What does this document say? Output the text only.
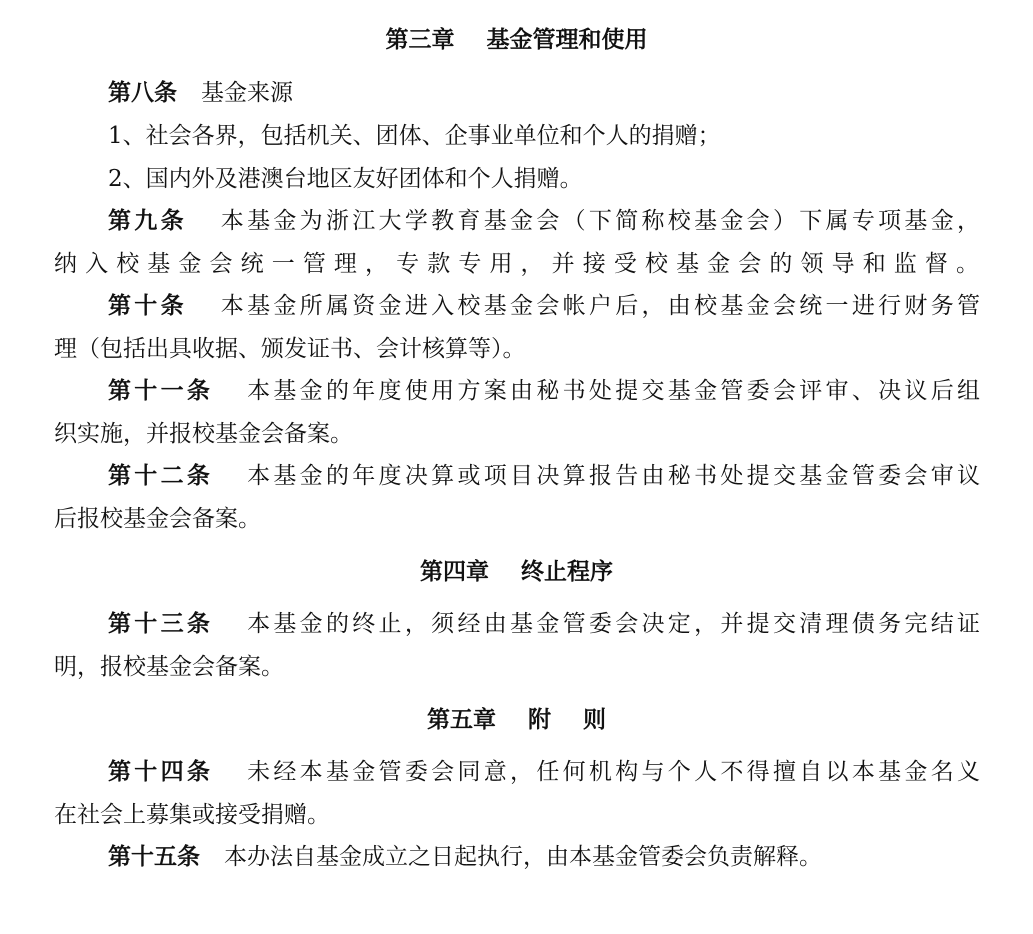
第三章    基金管理和使用
第八条 基金来源
1、社会各界，包括机关、团体、企事业单位和个人的捐赠；
2、国内外及港澳台地区友好团体和个人捐赠。
第九条 本基金为浙江大学教育基金会（下简称校基金会）下属专项基金，
纳入校基金会统一管理，专款专用，并接受校基金会的领导和监督。
第十条 本基金所属资金进入校基金会帐户后，由校基金会统一进行财务管
理（包括出具收据、颁发证书、会计核算等）。
第十一条 本基金的年度使用方案由秘书处提交基金管委会评审、决议后组
织实施，并报校基金会备案。
第十二条 本基金的年度决算或项目决算报告由秘书处提交基金管委会审议
后报校基金会备案。
第四章    终止程序
第十三条 本基金的终止，须经由基金管委会决定，并提交清理债务完结证
明，报校基金会备案。
第五章    附    则
第十四条 未经本基金管委会同意，任何机构与个人不得擅自以本基金名义
在社会上募集或接受捐赠。
第十五条 本办法自基金成立之日起执行，由本基金管委会负责解释。
